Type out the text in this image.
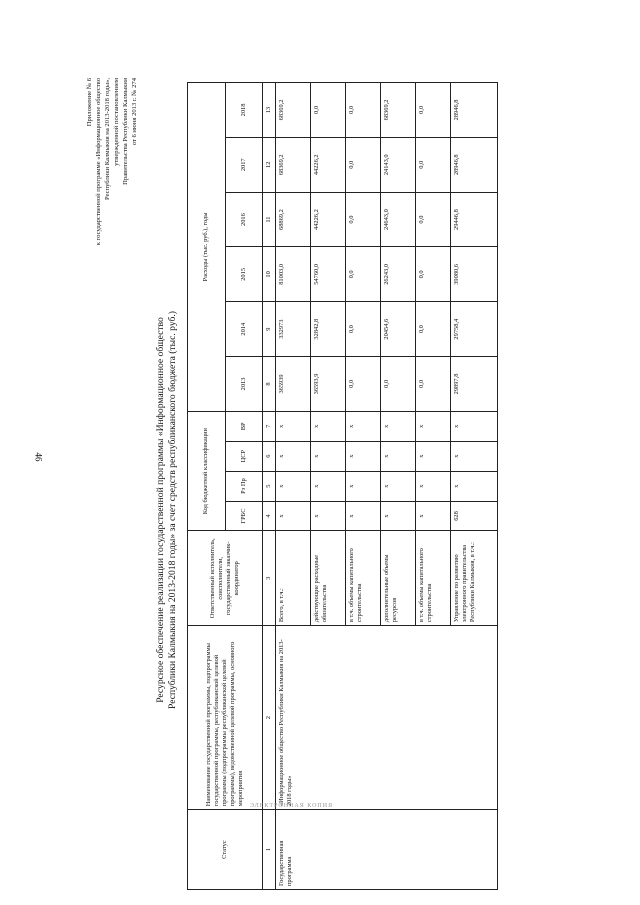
46
Приложение № 6 к государственной программе «Информационное общество Республики Калмыкия на 2013-2018 годы», утвержденной постановлением Правительства Республики Калмыкия от 6 июня 2013 г. № 274
Ресурсное обеспечение реализации государственной программы «Информационное общество Республики Калмыкия на 2013-2018 годы» за счет средств республиканского бюджета (тыс. руб.)
Статус	Наименование государственной программы, подпрограммы государственной программы, республиканской целевой программы (подпрограммы республиканской целевой программы), ведомственной целевой программы, основного мероприятия	Ответственный исполнитель, соисполнители, государственный заказчик-координатор	Код бюджетной классификации				Расходы (тыс. руб.), годы					
			ГРБС	Рз Пр	ЦСР	ВР	2013	2014	2015	2016	2017	2018
1	2	3	4	5	6	7	8	9	10	11	12	13
Государственная программа	«Информационное общество Республики Калмыкия на 2013-2018 годы»	Всего, в т.ч.:	x	x	x	x	365939	332973	81003,0	68869,2	68369,2	68369,2
		действующие расходные обязательства	x	x	x	x	36593,9	32842,8	54760,0	44226,2	44226,2	0,0
		в т.ч. объемы капитального строительства	x	x	x	x	0,0	0,0	0,0	0,0	0,0	0,0
		дополнительные объемы ресурсов	x	x	x	x	0,0	20454,6	26243,0	24643,0	24143,0	68369,2
		в т.ч. объемы капитального строительства	x	x	x	x	0,0	0,0	0,0	0,0	0,0	0,0
		Управление по развитию электронного правительства Республики Калмыкия, в т.ч.:	628	x	x	x	29897,8	29758,4	39080,6	29446,8	28946,8	28946,8
ЭЛЕКТРОННАЯ КОПИЯ
